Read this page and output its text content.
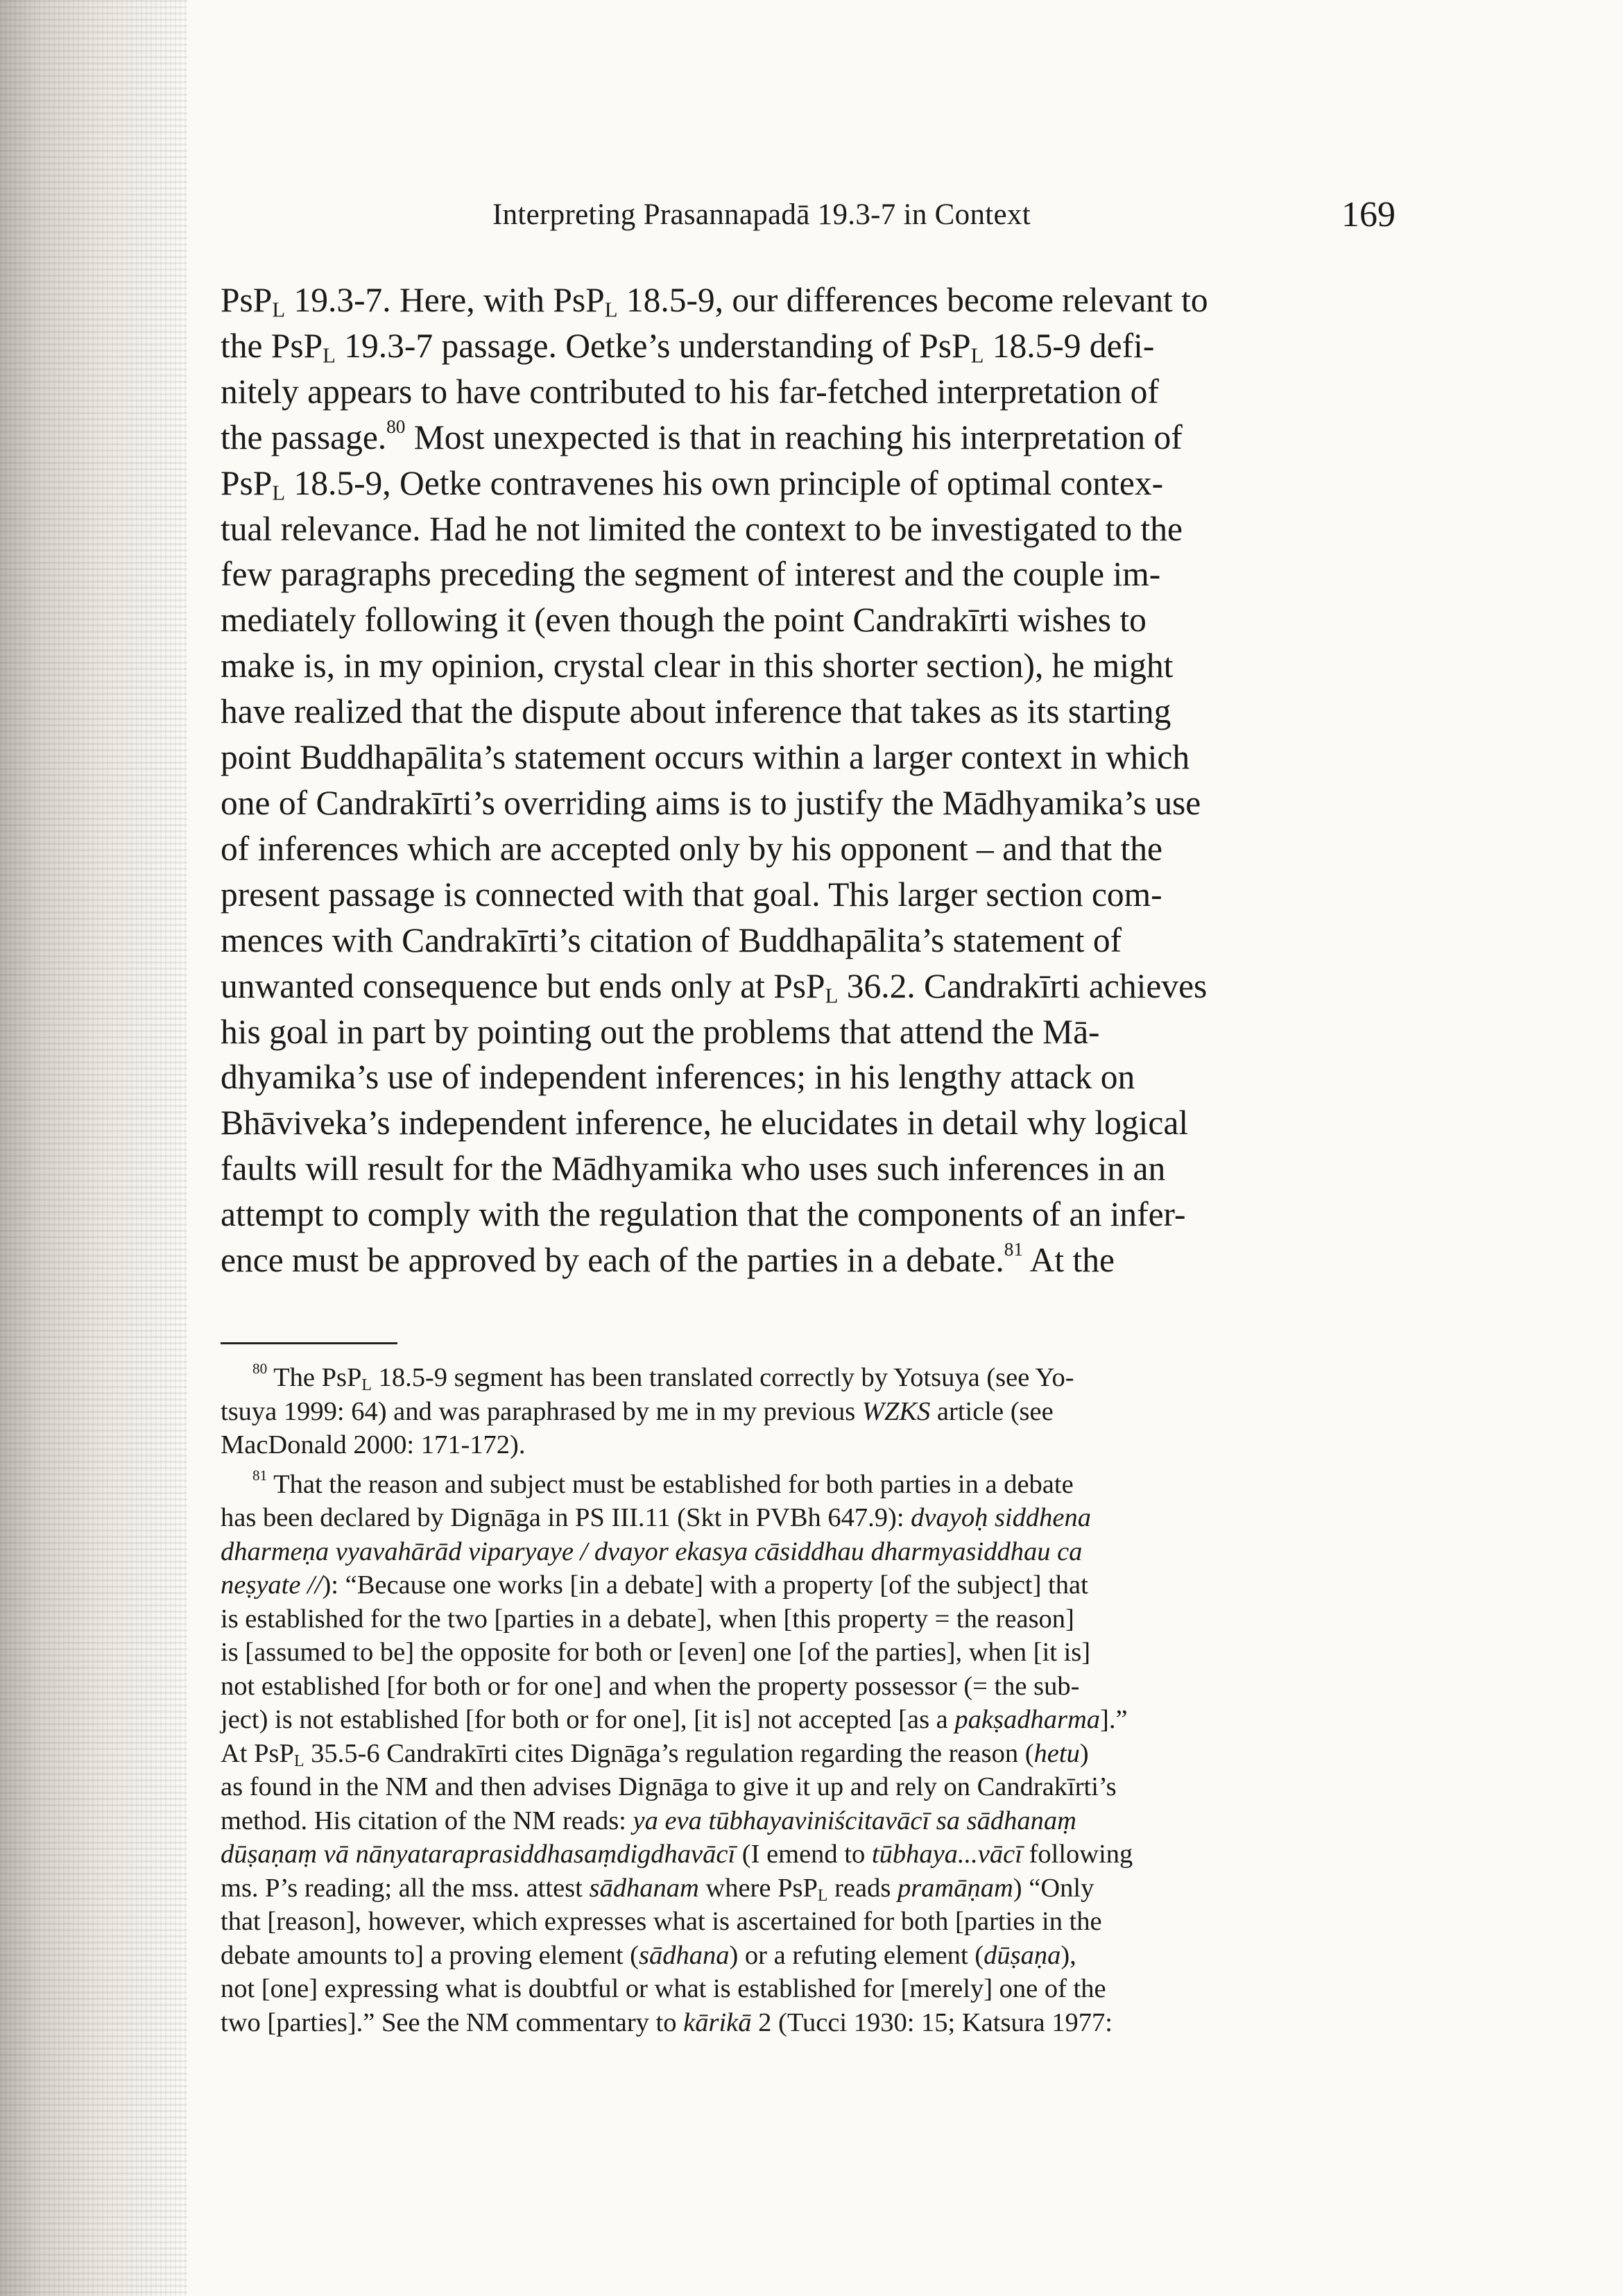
Interpreting Prasannapadā 19.3-7 in Context	169
PsP$_L$ 19.3-7. Here, with PsP$_L$ 18.5-9, our differences become relevant to
the PsP$_L$ 19.3-7 passage. Oetke’s understanding of PsP$_L$ 18.5-9 defi-
nitely appears to have contributed to his far-fetched interpretation of
the passage.$^{80}$ Most unexpected is that in reaching his interpretation of
PsP$_L$ 18.5-9, Oetke contravenes his own principle of optimal contex-
tual relevance. Had he not limited the context to be investigated to the
few paragraphs preceding the segment of interest and the couple im-
mediately following it (even though the point Candrakīrti wishes to
make is, in my opinion, crystal clear in this shorter section), he might
have realized that the dispute about inference that takes as its starting
point Buddhapālita’s statement occurs within a larger context in which
one of Candrakīrti’s overriding aims is to justify the Mādhyamika’s use
of inferences which are accepted only by his opponent – and that the
present passage is connected with that goal. This larger section com-
mences with Candrakīrti’s citation of Buddhapālita’s statement of
unwanted consequence but ends only at PsP$_L$ 36.2. Candrakīrti achieves
his goal in part by pointing out the problems that attend the Mā-
dhyamika’s use of independent inferences; in his lengthy attack on
Bhāviveka’s independent inference, he elucidates in detail why logical
faults will result for the Mādhyamika who uses such inferences in an
attempt to comply with the regulation that the components of an infer-
ence must be approved by each of the parties in a debate.$^{81}$ At the
$^{80}$ The PsP$_L$ 18.5-9 segment has been translated correctly by Yotsuya (see Yo-
tsuya 1999: 64) and was paraphrased by me in my previous WZKS article (see
MacDonald 2000: 171-172).
$^{81}$ That the reason and subject must be established for both parties in a debate
has been declared by Dignāga in PS III.11 (Skt in PVBh 647.9): dvayoḥ siddhena
dharmeṇa vyavahārād viparyaye / dvayor ekasya cāsiddhau dharmyasiddhau ca
neṣyate //): “Because one works [in a debate] with a property [of the subject] that
is established for the two [parties in a debate], when [this property = the reason]
is [assumed to be] the opposite for both or [even] one [of the parties], when [it is]
not established [for both or for one] and when the property possessor (= the sub-
ject) is not established [for both or for one], [it is] not accepted [as a pakṣadharma].”
At PsP$_L$ 35.5-6 Candrakīrti cites Dignāga’s regulation regarding the reason (hetu)
as found in the NM and then advises Dignāga to give it up and rely on Candrakīrti’s
method. His citation of the NM reads: ya eva tūbhayaviniścitavācī sa sādhanaṃ
dūṣaṇaṃ vā nānyataraprasiddhasaṃdigdhavācī (I emend to tūbhaya...vācī following
ms. P’s reading; all the mss. attest sādhanam where PsP$_L$ reads pramāṇam) “Only
that [reason], however, which expresses what is ascertained for both [parties in the
debate amounts to] a proving element (sādhana) or a refuting element (dūṣaṇa),
not [one] expressing what is doubtful or what is established for [merely] one of the
two [parties].” See the NM commentary to kārikā 2 (Tucci 1930: 15; Katsura 1977:
